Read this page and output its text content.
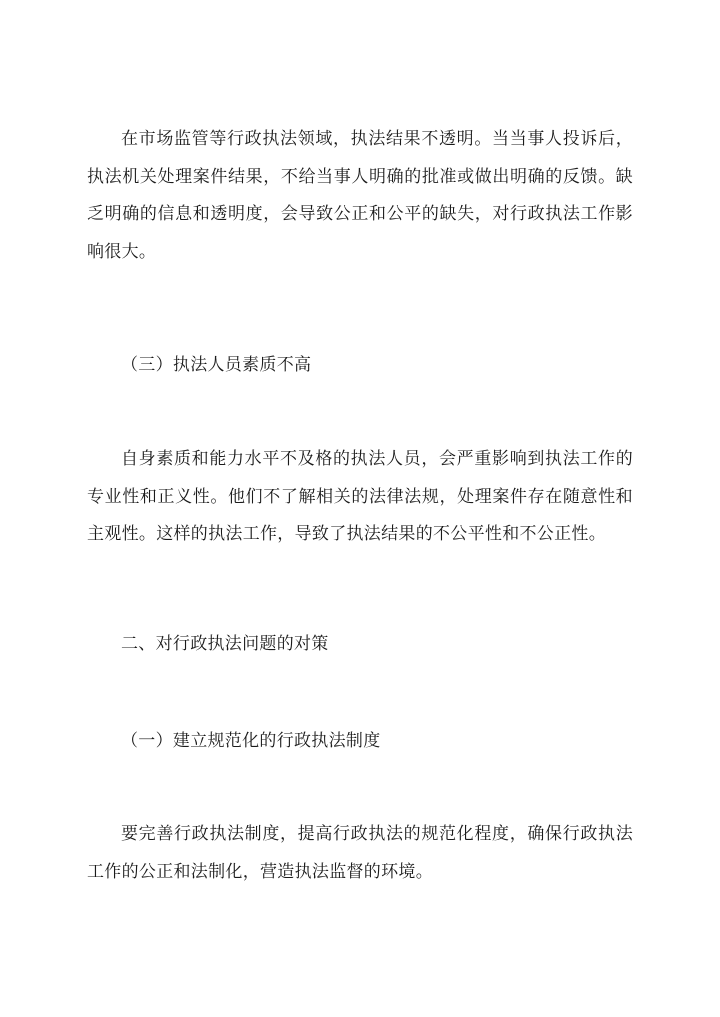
在市场监管等行政执法领域，执法结果不透明。当当事人投诉后，执法机关处理案件结果，不给当事人明确的批准或做出明确的反馈。缺乏明确的信息和透明度，会导致公正和公平的缺失，对行政执法工作影响很大。

（三）执法人员素质不高

自身素质和能力水平不及格的执法人员，会严重影响到执法工作的专业性和正义性。他们不了解相关的法律法规，处理案件存在随意性和主观性。这样的执法工作，导致了执法结果的不公平性和不公正性。

二、对行政执法问题的对策

（一）建立规范化的行政执法制度

要完善行政执法制度，提高行政执法的规范化程度，确保行政执法工作的公正和法制化，营造执法监督的环境。
